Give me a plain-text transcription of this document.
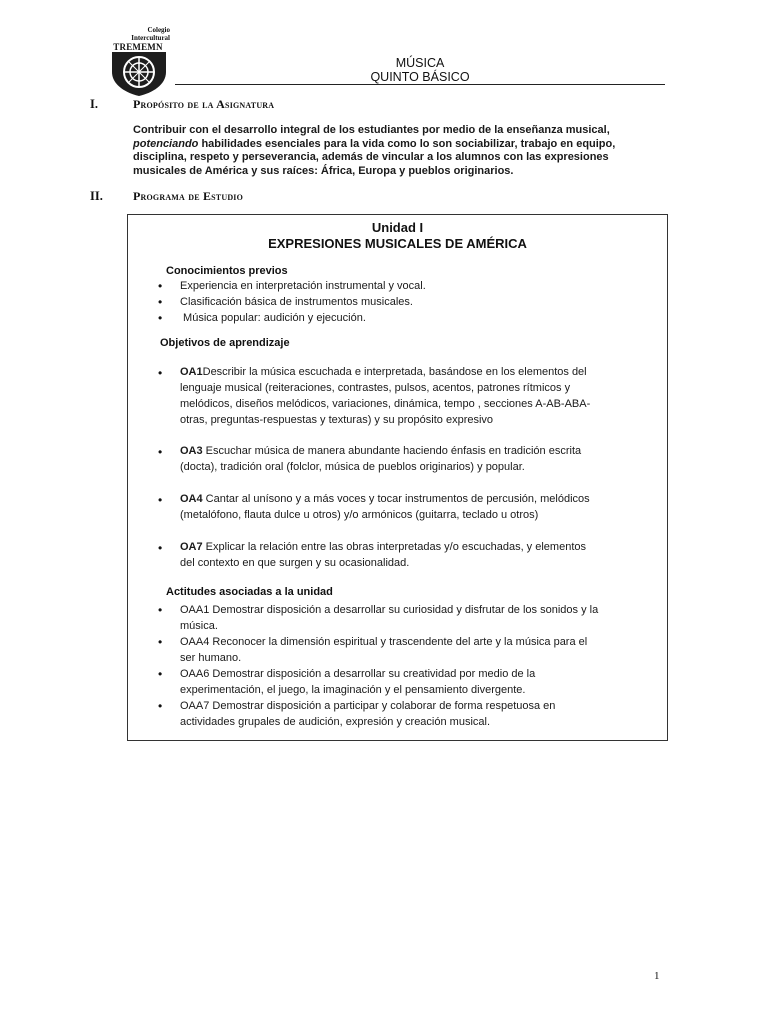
Colegio
Intercultural
TREMEMN
MÚSICA
QUINTO BÁSICO
I.	Propósito de la Asignatura
Contribuir con el desarrollo integral de los estudiantes por medio de la enseñanza musical,
potenciando habilidades esenciales para la vida como lo son sociabilizar, trabajo en equipo,
disciplina, respeto y perseverancia, además de vincular a los alumnos con las expresiones
musicales de América y sus raíces: África, Europa y pueblos originarios.
II.	Programa de Estudio
Unidad I
EXPRESIONES MUSICALES DE AMÉRICA
Conocimientos previos
• Experiencia en interpretación instrumental y vocal.
• Clasificación básica de instrumentos musicales.
• Música popular: audición y ejecución.
Objetivos de aprendizaje
• OA1Describir la música escuchada e interpretada, basándose en los elementos del
lenguaje musical (reiteraciones, contrastes, pulsos, acentos, patrones rítmicos y
melódicos, diseños melódicos, variaciones, dinámica, tempo , secciones A-AB-ABA-
otras, preguntas-respuestas y texturas) y su propósito expresivo
• OA3 Escuchar música de manera abundante haciendo énfasis en tradición escrita
(docta), tradición oral (folclor, música de pueblos originarios) y popular.
• OA4 Cantar al unísono y a más voces y tocar instrumentos de percusión, melódicos
(metalófono, flauta dulce u otros) y/o armónicos (guitarra, teclado u otros)
• OA7 Explicar la relación entre las obras interpretadas y/o escuchadas, y elementos
del contexto en que surgen y su ocasionalidad.
Actitudes asociadas a la unidad
• OAA1 Demostrar disposición a desarrollar su curiosidad y disfrutar de los sonidos y la
música.
• OAA4 Reconocer la dimensión espiritual y trascendente del arte y la música para el
ser humano.
• OAA6 Demostrar disposición a desarrollar su creatividad por medio de la
experimentación, el juego, la imaginación y el pensamiento divergente.
• OAA7 Demostrar disposición a participar y colaborar de forma respetuosa en
actividades grupales de audición, expresión y creación musical.
1
